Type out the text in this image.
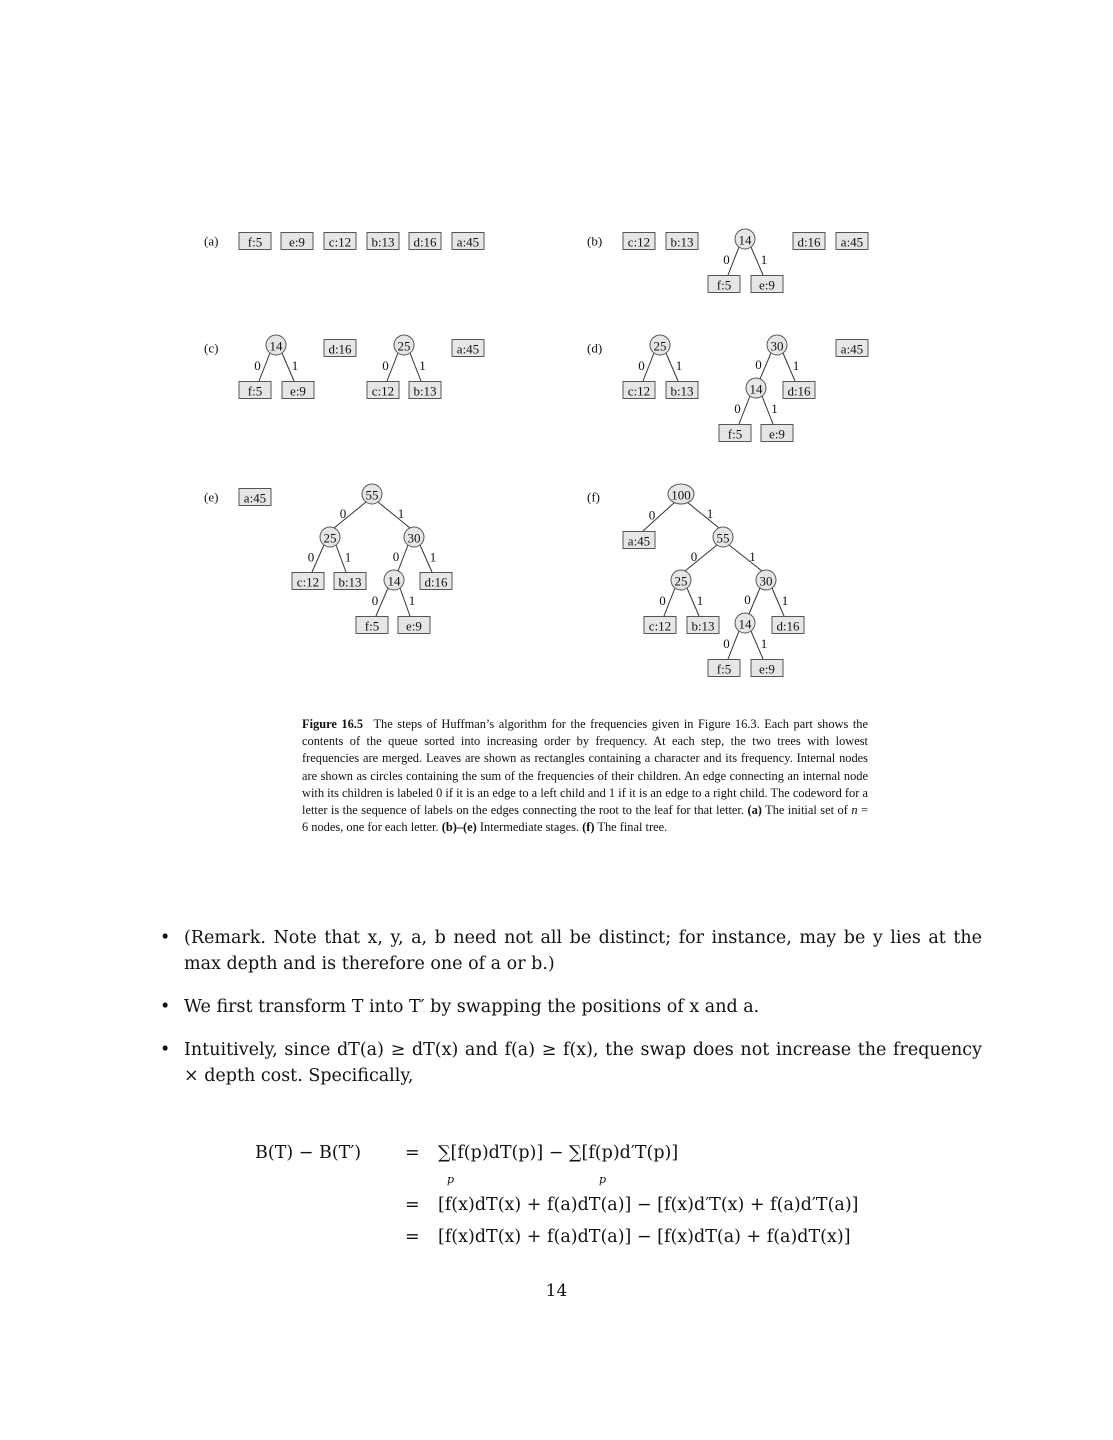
(a) f:5 e:9 c:12 b:13 d:16 a:45	(b) c:12 b:13
0 1
14
f:5 e:9
d:16 a:45
(c)
0 1
14
f:5 e:9
d:16
0 1
25
c:12 b:13
a:45	(d)
0 1
25
c:12 b:13
0 1
30
0 1
14 d:16
f:5 e:9
a:45
(e) a:45
0	1
55
0 1
25
0 1
30
c:12 b:13
0 1
14 d:16
f:5 e:9
(f)
0	1
100
a:45
0	1
55
0 1
25
0 1
30
c:12 b:13
0 1
14 d:16
f:5 e:9
Figure 16.5 The steps of Huffman’s algorithm for the frequencies given in Figure 16.3. Each part shows the contents of the queue sorted into increasing order by frequency. At each step, the two trees with lowest frequencies are merged. Leaves are shown as rectangles containing a character and its frequency. Internal nodes are shown as circles containing the sum of the frequencies of their children. An edge connecting an internal node with its children is labeled 0 if it is an edge to a left child and 1 if it is an edge to a right child. The codeword for a letter is the sequence of labels on the edges connecting the root to the leaf for that letter. (a) The initial set of n = 6 nodes, one for each letter. (b)–(e) Intermediate stages. (f) The final tree.
• (Remark. Note that x, y, a, b need not all be distinct; for instance, may be y lies at the max depth and is therefore one of a or b.)
• We first transform T into T′ by swapping the positions of x and a.
• Intuitively, since dT(a) ≥ dT(x) and f(a) ≥ f(x), the swap does not increase the frequency × depth cost. Specifically,
B(T) − B(T′)	= ∑[f(p)dT(p)] − ∑[f(p)d′T(p)]
p	p
= [f(x)dT(x) + f(a)dT(a)] − [f(x)d′T(x) + f(a)d′T(a)]
= [f(x)dT(x) + f(a)dT(a)] − [f(x)dT(a) + f(a)dT(x)]
14
